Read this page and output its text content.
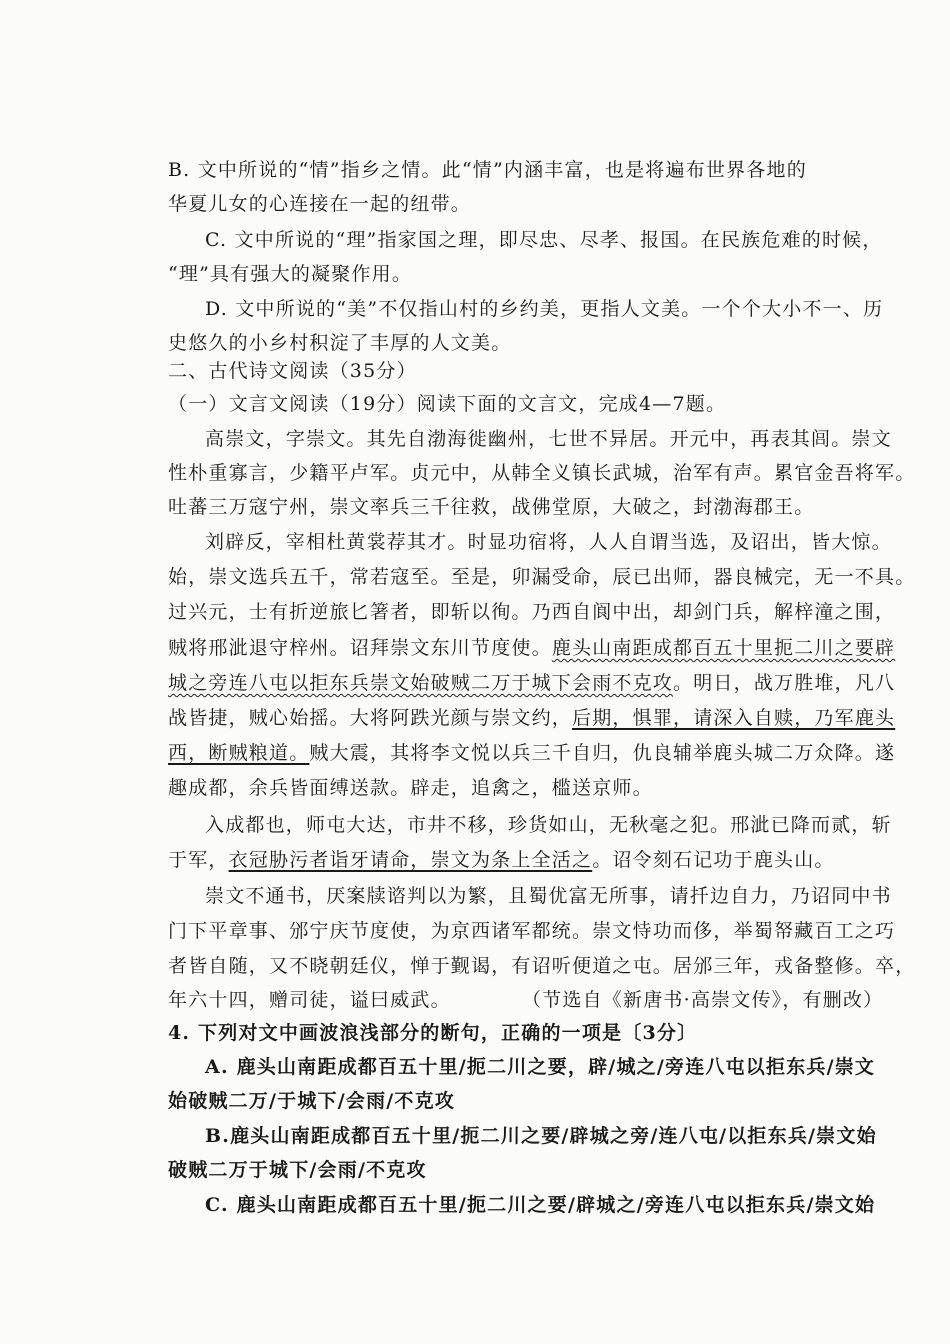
B. 文中所说的“情”指乡之情。此“情”内涵丰富，也是将遍布世界各地的
华夏儿女的心连接在一起的纽带。
C. 文中所说的“理”指家国之理，即尽忠、尽孝、报国。在民族危难的时候，
“理”具有强大的凝聚作用。
D. 文中所说的“美”不仅指山村的乡约美，更指人文美。一个个大小不一、历
史悠久的小乡村积淀了丰厚的人文美。
二、古代诗文阅读（35分）
（一）文言文阅读（19分）阅读下面的文言文，完成4—7题。
高崇文，字崇文。其先自渤海徙幽州，七世不异居。开元中，再表其闾。崇文
性朴重寡言，少籍平卢军。贞元中，从韩全义镇长武城，治军有声。累官金吾将军。
吐蕃三万寇宁州，崇文率兵三千往救，战佛堂原，大破之，封渤海郡王。
刘辟反，宰相杜黄裳荐其才。时显功宿将，人人自谓当选，及诏出，皆大惊。
始，崇文选兵五千，常若寇至。至是，卯漏受命，辰已出师，器良械完，无一不具。
过兴元，士有折逆旅匕箸者，即斩以徇。乃西自阆中出，却剑门兵，解梓潼之围，
贼将邢泚退守梓州。诏拜崇文东川节度使。鹿头山南距成都百五十里扼二川之要辟
城之旁连八屯以拒东兵崇文始破贼二万于城下会雨不克攻。明日，战万胜堆，凡八
战皆捷，贼心始摇。大将阿跌光颜与崇文约，后期，惧罪，请深入自赎，乃军鹿头
西，断贼粮道。贼大震，其将李文悦以兵三千自归，仇良辅举鹿头城二万众降。遂
趣成都，余兵皆面缚送款。辟走，追禽之，槛送京师。
入成都也，师屯大达，市井不移，珍货如山，无秋毫之犯。邢泚已降而贰，斩
于军，衣冠胁污者诣牙请命，崇文为条上全活之。诏令刻石记功于鹿头山。
崇文不通书，厌案牍谘判以为繁，且蜀优富无所事，请扦边自力，乃诏同中书
门下平章事、邠宁庆节度使，为京西诸军都统。崇文恃功而侈，举蜀帑藏百工之巧
者皆自随，又不晓朝廷仪，惮于觐谒，有诏听便道之屯。居邠三年，戎备整修。卒，
年六十四，赠司徒，谥曰威武。	（节选自《新唐书·高崇文传》，有删改）
4. 下列对文中画波浪浅部分的断句，正确的一项是〔3分〕
A. 鹿头山南距成都百五十里/扼二川之要，辟/城之/旁连八屯以拒东兵/崇文
始破贼二万/于城下/会雨/不克攻
B.鹿头山南距成都百五十里/扼二川之要/辟城之旁/连八屯/以拒东兵/崇文始
破贼二万于城下/会雨/不克攻
C. 鹿头山南距成都百五十里/扼二川之要/辟城之/旁连八屯以拒东兵/崇文始
